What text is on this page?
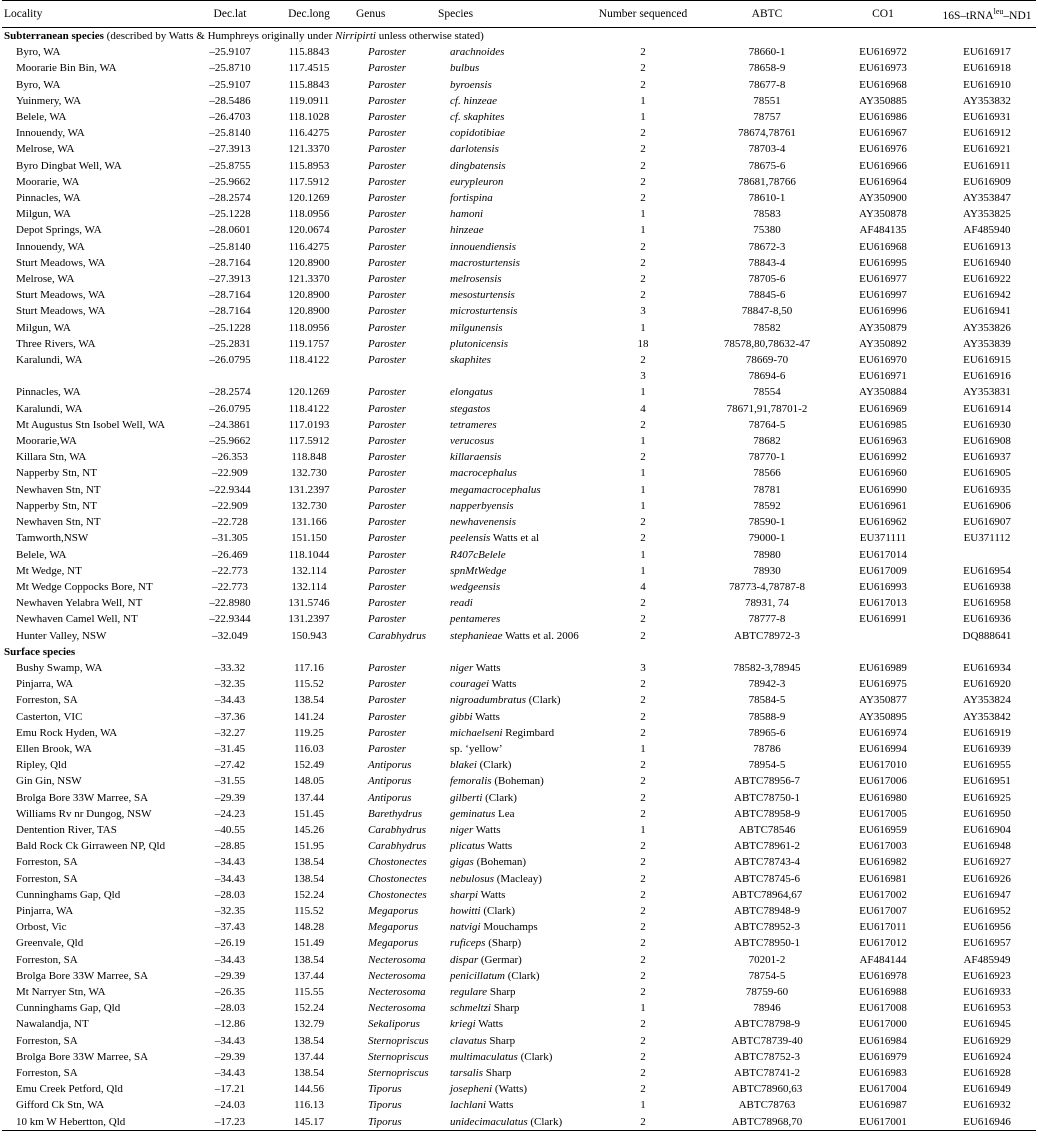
Locality	Dec.lat	Dec.long	Genus	Species	Number sequenced	ABTC	CO1	16S–tRNA$^{leu}$–ND1
Subterranean species (described by Watts & Humphreys originally under Nirripirti unless otherwise stated)								
Byro, WA	–25.9107	115.8843	Paroster	arachnoides	2	78660-1	EU616972	EU616917
Moorarie Bin Bin, WA	–25.8710	117.4515	Paroster	bulbus	2	78658-9	EU616973	EU616918
Byro, WA	–25.9107	115.8843	Paroster	byroensis	2	78677-8	EU616968	EU616910
Yuinmery, WA	–28.5486	119.0911	Paroster	cf. hinzeae	1	78551	AY350885	AY353832
Belele, WA	–26.4703	118.1028	Paroster	cf. skaphites	1	78757	EU616986	EU616931
Innouendy, WA	–25.8140	116.4275	Paroster	copidotibiae	2	78674,78761	EU616967	EU616912
Melrose, WA	–27.3913	121.3370	Paroster	darlotensis	2	78703-4	EU616976	EU616921
Byro Dingbat Well, WA	–25.8755	115.8953	Paroster	dingbatensis	2	78675-6	EU616966	EU616911
Moorarie, WA	–25.9662	117.5912	Paroster	eurypleuron	2	78681,78766	EU616964	EU616909
Pinnacles, WA	–28.2574	120.1269	Paroster	fortispina	2	78610-1	AY350900	AY353847
Milgun, WA	–25.1228	118.0956	Paroster	hamoni	1	78583	AY350878	AY353825
Depot Springs, WA	–28.0601	120.0674	Paroster	hinzeae	1	75380	AF484135	AF485940
Innouendy, WA	–25.8140	116.4275	Paroster	innouendiensis	2	78672-3	EU616968	EU616913
Sturt Meadows, WA	–28.7164	120.8900	Paroster	macrosturtensis	2	78843-4	EU616995	EU616940
Melrose, WA	–27.3913	121.3370	Paroster	melrosensis	2	78705-6	EU616977	EU616922
Sturt Meadows, WA	–28.7164	120.8900	Paroster	mesosturtensis	2	78845-6	EU616997	EU616942
Sturt Meadows, WA	–28.7164	120.8900	Paroster	microsturtensis	3	78847-8,50	EU616996	EU616941
Milgun, WA	–25.1228	118.0956	Paroster	milgunensis	1	78582	AY350879	AY353826
Three Rivers, WA	–25.2831	119.1757	Paroster	plutonicensis	18	78578,80,78632-47	AY350892	AY353839
Karalundi, WA	–26.0795	118.4122	Paroster	skaphites	2	78669-70	EU616970	EU616915
					3	78694-6	EU616971	EU616916
Pinnacles, WA	–28.2574	120.1269	Paroster	elongatus	1	78554	AY350884	AY353831
Karalundi, WA	–26.0795	118.4122	Paroster	stegastos	4	78671,91,78701-2	EU616969	EU616914
Mt Augustus Stn Isobel Well, WA	–24.3861	117.0193	Paroster	tetrameres	2	78764-5	EU616985	EU616930
Moorarie,WA	–25.9662	117.5912	Paroster	verucosus	1	78682	EU616963	EU616908
Killara Stn, WA	–26.353	118.848	Paroster	killaraensis	2	78770-1	EU616992	EU616937
Napperby Stn, NT	–22.909	132.730	Paroster	macrocephalus	1	78566	EU616960	EU616905
Newhaven Stn, NT	–22.9344	131.2397	Paroster	megamacrocephalus	1	78781	EU616990	EU616935
Napperby Stn, NT	–22.909	132.730	Paroster	napperbyensis	1	78592	EU616961	EU616906
Newhaven Stn, NT	–22.728	131.166	Paroster	newhavenensis	2	78590-1	EU616962	EU616907
Tamworth,NSW	–31.305	151.150	Paroster	peelensis Watts et al	2	79000-1	EU371111	EU371112
Belele, WA	–26.469	118.1044	Paroster	R407cBelele	1	78980	EU617014	
Mt Wedge, NT	–22.773	132.114	Paroster	spnMtWedge	1	78930	EU617009	EU616954
Mt Wedge Coppocks Bore, NT	–22.773	132.114	Paroster	wedgeensis	4	78773-4,78787-8	EU616993	EU616938
Newhaven Yelabra Well, NT	–22.8980	131.5746	Paroster	readi	2	78931, 74	EU617013	EU616958
Newhaven Camel Well, NT	–22.9344	131.2397	Paroster	pentameres	2	78777-8	EU616991	EU616936
Hunter Valley, NSW	–32.049	150.943	Carabhydrus	stephanieae Watts et al. 2006	2	ABTC78972-3		DQ888641
Surface species								
Bushy Swamp, WA	–33.32	117.16	Paroster	niger Watts	3	78582-3,78945	EU616989	EU616934
Pinjarra, WA	–32.35	115.52	Paroster	couragei Watts	2	78942-3	EU616975	EU616920
Forreston, SA	–34.43	138.54	Paroster	nigroadumbratus (Clark)	2	78584-5	AY350877	AY353824
Casterton, VIC	–37.36	141.24	Paroster	gibbi Watts	2	78588-9	AY350895	AY353842
Emu Rock Hyden, WA	–32.27	119.25	Paroster	michaelseni Regimbard	2	78965-6	EU616974	EU616919
Ellen Brook, WA	–31.45	116.03	Paroster	sp. ‘yellow’	1	78786	EU616994	EU616939
Ripley, Qld	–27.42	152.49	Antiporus	blakei (Clark)	2	78954-5	EU617010	EU616955
Gin Gin, NSW	–31.55	148.05	Antiporus	femoralis (Boheman)	2	ABTC78956-7	EU617006	EU616951
Brolga Bore 33W Marree, SA	–29.39	137.44	Antiporus	gilberti (Clark)	2	ABTC78750-1	EU616980	EU616925
Williams Rv nr Dungog, NSW	–24.23	151.45	Barethydrus	geminatus Lea	2	ABTC78958-9	EU617005	EU616950
Dentention River, TAS	–40.55	145.26	Carabhydrus	niger Watts	1	ABTC78546	EU616959	EU616904
Bald Rock Ck Girraween NP, Qld	–28.85	151.95	Carabhydrus	plicatus Watts	2	ABTC78961-2	EU617003	EU616948
Forreston, SA	–34.43	138.54	Chostonectes	gigas (Boheman)	2	ABTC78743-4	EU616982	EU616927
Forreston, SA	–34.43	138.54	Chostonectes	nebulosus (Macleay)	2	ABTC78745-6	EU616981	EU616926
Cunninghams Gap, Qld	–28.03	152.24	Chostonectes	sharpi Watts	2	ABTC78964,67	EU617002	EU616947
Pinjarra, WA	–32.35	115.52	Megaporus	howitti (Clark)	2	ABTC78948-9	EU617007	EU616952
Orbost, Vic	–37.43	148.28	Megaporus	natvigi Mouchamps	2	ABTC78952-3	EU617011	EU616956
Greenvale, Qld	–26.19	151.49	Megaporus	ruficeps (Sharp)	2	ABTC78950-1	EU617012	EU616957
Forreston, SA	–34.43	138.54	Necterosoma	dispar (Germar)	2	70201-2	AF484144	AF485949
Brolga Bore 33W Marree, SA	–29.39	137.44	Necterosoma	penicillatum (Clark)	2	78754-5	EU616978	EU616923
Mt Narryer Stn, WA	–26.35	115.55	Necterosoma	regulare Sharp	2	78759-60	EU616988	EU616933
Cunninghams Gap, Qld	–28.03	152.24	Necterosoma	schmeltzi Sharp	1	78946	EU617008	EU616953
Nawalandja, NT	–12.86	132.79	Sekaliporus	kriegi Watts	2	ABTC78798-9	EU617000	EU616945
Forreston, SA	–34.43	138.54	Sternopriscus	clavatus Sharp	2	ABTC78739-40	EU616984	EU616929
Brolga Bore 33W Marree, SA	–29.39	137.44	Sternopriscus	multimaculatus (Clark)	2	ABTC78752-3	EU616979	EU616924
Forreston, SA	–34.43	138.54	Sternopriscus	tarsalis Sharp	2	ABTC78741-2	EU616983	EU616928
Emu Creek Petford, Qld	–17.21	144.56	Tiporus	josepheni (Watts)	2	ABTC78960,63	EU617004	EU616949
Gifford Ck Stn, WA	–24.03	116.13	Tiporus	lachlani Watts	1	ABTC78763	EU616987	EU616932
10 km W Hebertton, Qld	–17.23	145.17	Tiporus	unidecimaculatus (Clark)	2	ABTC78968,70	EU617001	EU616946
